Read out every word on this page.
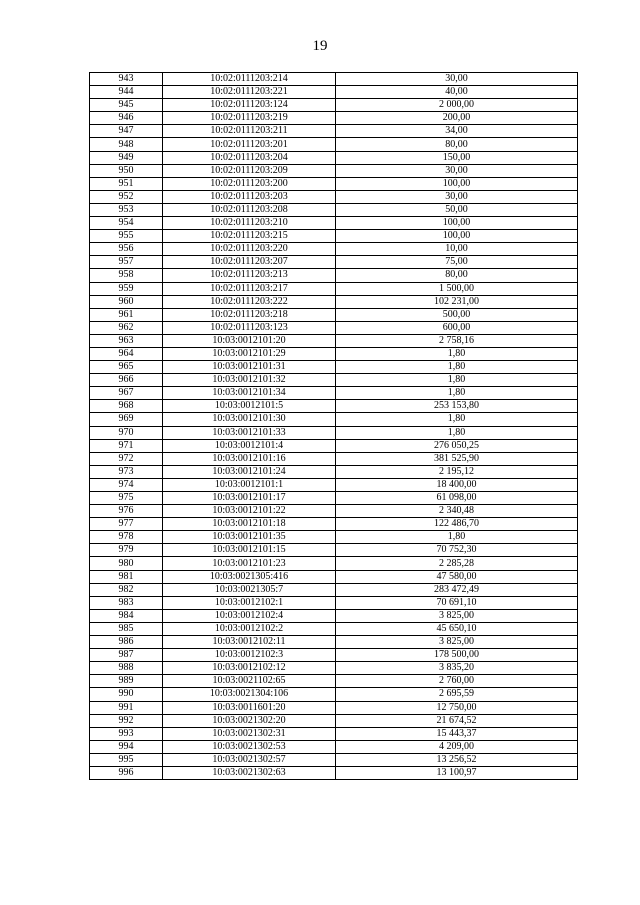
19
943	10:02:0111203:214	30,00
944	10:02:0111203:221	40,00
945	10:02:0111203:124	2 000,00
946	10:02:0111203:219	200,00
947	10:02:0111203:211	34,00
948	10:02:0111203:201	80,00
949	10:02:0111203:204	150,00
950	10:02:0111203:209	30,00
951	10:02:0111203:200	100,00
952	10:02:0111203:203	30,00
953	10:02:0111203:208	50,00
954	10:02:0111203:210	100,00
955	10:02:0111203:215	100,00
956	10:02:0111203:220	10,00
957	10:02:0111203:207	75,00
958	10:02:0111203:213	80,00
959	10:02:0111203:217	1 500,00
960	10:02:0111203:222	102 231,00
961	10:02:0111203:218	500,00
962	10:02:0111203:123	600,00
963	10:03:0012101:20	2 758,16
964	10:03:0012101:29	1,80
965	10:03:0012101:31	1,80
966	10:03:0012101:32	1,80
967	10:03:0012101:34	1,80
968	10:03:0012101:5	253 153,80
969	10:03:0012101:30	1,80
970	10:03:0012101:33	1,80
971	10:03:0012101:4	276 050,25
972	10:03:0012101:16	381 525,90
973	10:03:0012101:24	2 195,12
974	10:03:0012101:1	18 400,00
975	10:03:0012101:17	61 098,00
976	10:03:0012101:22	2 340,48
977	10:03:0012101:18	122 486,70
978	10:03:0012101:35	1,80
979	10:03:0012101:15	70 752,30
980	10:03:0012101:23	2 285,28
981	10:03:0021305:416	47 580,00
982	10:03:0021305:7	283 472,49
983	10:03:0012102:1	70 691,10
984	10:03:0012102:4	3 825,00
985	10:03:0012102:2	45 650,10
986	10:03:0012102:11	3 825,00
987	10:03:0012102:3	178 500,00
988	10:03:0012102:12	3 835,20
989	10:03:0021102:65	2 760,00
990	10:03:0021304:106	2 695,59
991	10:03:0011601:20	12 750,00
992	10:03:0021302:20	21 674,52
993	10:03:0021302:31	15 443,37
994	10:03:0021302:53	4 209,00
995	10:03:0021302:57	13 256,52
996	10:03:0021302:63	13 100,97
